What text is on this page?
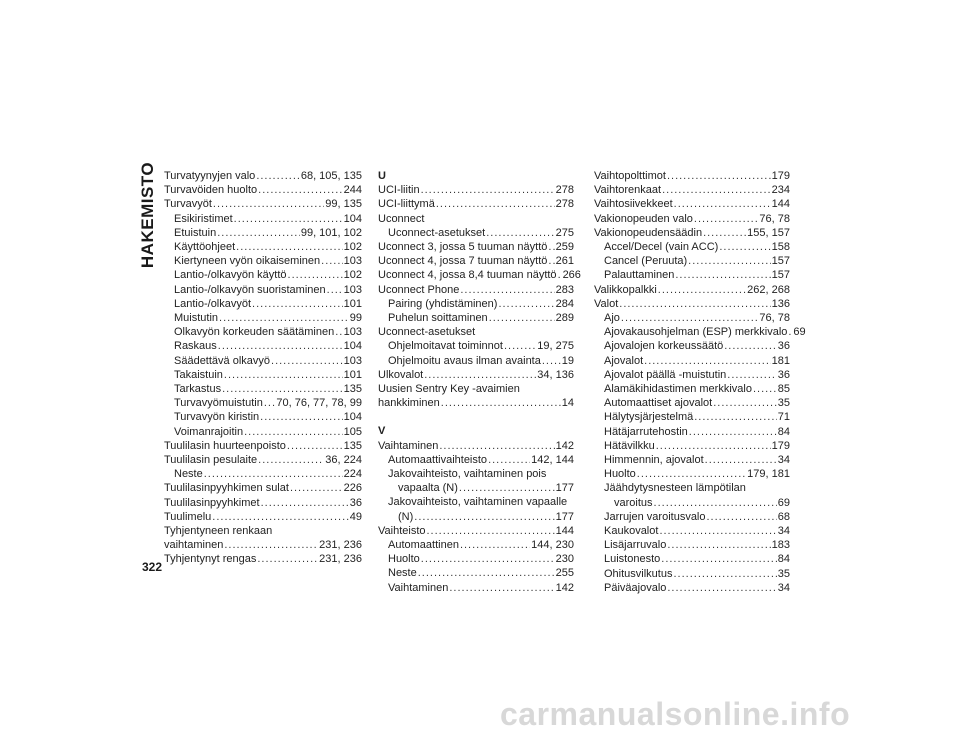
HAKEMISTO Turvatyynyjen valo .....	68, 105, 135
Turvavöiden huolto .....	244
Turvavyöt .....	99, 135
Esikiristimet .....	104
Etuistuin .....	99, 101, 102
Käyttöohjeet .....	102
Kiertyneen vyön oikaiseminen ..... 103
Lantio-/olkavyön käyttö .....	102
Lantio-/olkavyön suoristaminen ..... 103
Lantio-/olkavyöt .....	101
Muistutin .....	99
Olkavyön korkeuden säätäminen ..... 103
Raskaus .....	104
Säädettävä olkavyö .....	103
Takaistuin .....	101
Tarkastus .....	135
Turvavyömuistutin ..... 70, 76, 77, 78, 99
Turvavyön kiristin .....	104
Voimanrajoitin .....	105
Tuulilasin huurteenpoisto .....	135
Tuulilasin pesulaite .....	36, 224
Neste .....	224
Tuulilasinpyyhkimen sulat .....	226
Tuulilasinpyyhkimet .....	36
Tuulimelu .....	49
Tyhjentyneen renkaan
vaihtaminen .....	231, 236
Tyhjentynyt rengas .....	231, 236
U
UCI-liitin .....	278
UCI-liittymä .....	278
Uconnect
Uconnect-asetukset .....	275
Uconnect 3, jossa 5 tuuman näyttö ..... 259
Uconnect 4, jossa 7 tuuman näyttö ..... 261
Uconnect 4, jossa 8,4 tuuman näyttö ..... 266
Uconnect Phone .....	283
Pairing (yhdistäminen) .....	284
Puhelun soittaminen .....	289
Uconnect-asetukset
Ohjelmoitavat toiminnot .....	19, 275
Ohjelmoitu avaus ilman avainta ..... 19
Ulkovalot .....	34, 136
Uusien Sentry Key -avaimien
hankkiminen .....	14
V
Vaihtaminen .....	142
Automaattivaihteisto .....	142, 144
Jakovaihteisto, vaihtaminen pois
vapaalta (N) .....	177
Jakovaihteisto, vaihtaminen vapaalle
(N) .....	177
Vaihteisto .....	144
Automaattinen .....	144, 230
Huolto .....	230
Neste .....	255
Vaihtaminen .....	142
Vaihtopolttimot .....	179
Vaihtorenkaat .....	234
Vaihtosiivekkeet .....	144
Vakionopeuden valo .....	76, 78
Vakionopeudensäädin .....	155, 157
Accel/Decel (vain ACC) .....	158
Cancel (Peruuta) .....	157
Palauttaminen .....	157
Valikkopalkki .....	262, 268
Valot .....	136
Ajo .....	76, 78
Ajovakausohjelman (ESP) merkkivalo ..... 69
Ajovalojen korkeussäätö .....	36
Ajovalot .....	181
Ajovalot päällä -muistutin .....	36
Alamäkihidastimen merkkivalo ..... 85
Automaattiset ajovalot .....	35
Hälytysjärjestelmä .....	71
Hätäjarrutehostin .....	84
Hätävilkku .....	179
Himmennin, ajovalot .....	34
Huolto .....	179, 181
Jäähdytysnesteen lämpötilan
varoitus .....	69
Jarrujen varoitusvalo .....	68
Kaukovalot .....	34
Lisäjarruvalo .....	183
Luistonesto .....	84
Ohitusvilkutus .....	35
Päiväajovalo .....	34
322
carmanualsonline.info
